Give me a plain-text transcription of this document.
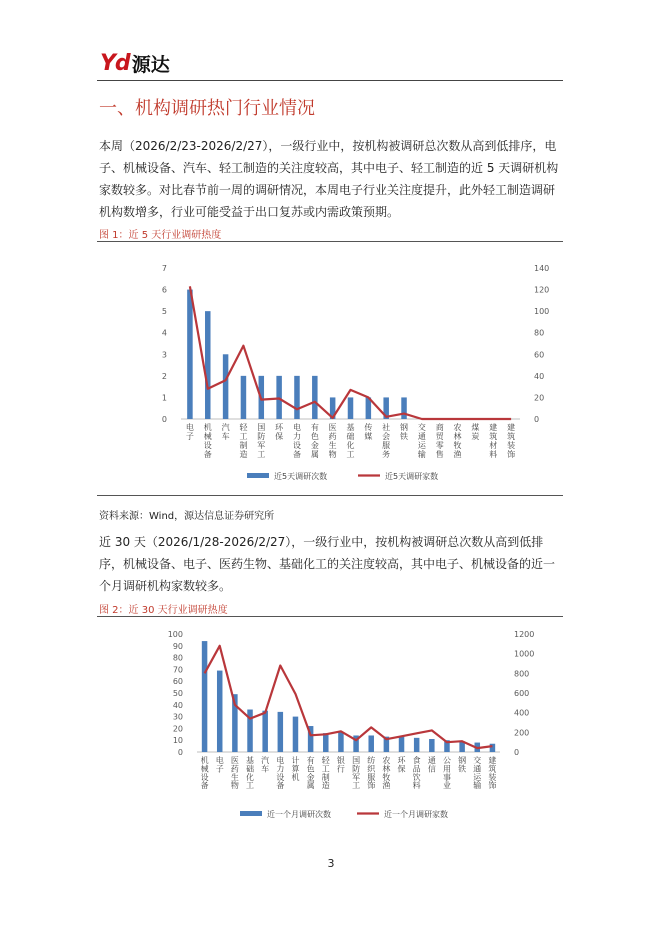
Yd 源达
一、机构调研热门行业情况

本周（2026/2/23-2026/2/27），一级行业中，按机构被调研总次数从高到低排序，电子、机械设备、汽车、轻工制造的关注度较高，其中电子、轻工制造的近 5 天调研机构家数较多。对比春节前一周的调研情况，本周电子行业关注度提升，此外轻工制造调研机构数增多，行业可能受益于出口复苏或内需政策预期。

图 1：近 5 天行业调研热度
0
1
2
3
4
5
6
7
0
20
40
60
80
100
120
140
电子
机械设备
汽车
轻工制造
国防军工
环保
电力设备
有色金属
医药生物
基础化工
传媒
社会服务
钢铁
交通运输
商贸零售
农林牧渔
煤炭
建筑材料
建筑装饰
近5天调研次数	近5天调研家数
资料来源：Wind，源达信息证券研究所

近 30 天（2026/1/28-2026/2/27），一级行业中，按机构被调研总次数从高到低排序，机械设备、电子、医药生物、基础化工的关注度较高，其中电子、机械设备的近一个月调研机构家数较多。

图 2：近 30 天行业调研热度
0
10
20
30
40
50
60
70
80
90
100
0
200
400
600
800
1000
1200
机械设备
电子
医药生物
基础化工
汽车
电力设备
计算机
有色金属
轻工制造
银行
国防军工
纺织服饰
农林牧渔
环保
食品饮料
通信
公用事业
钢铁
交通运输
建筑装饰
近一个月调研次数	近一个月调研家数
3
